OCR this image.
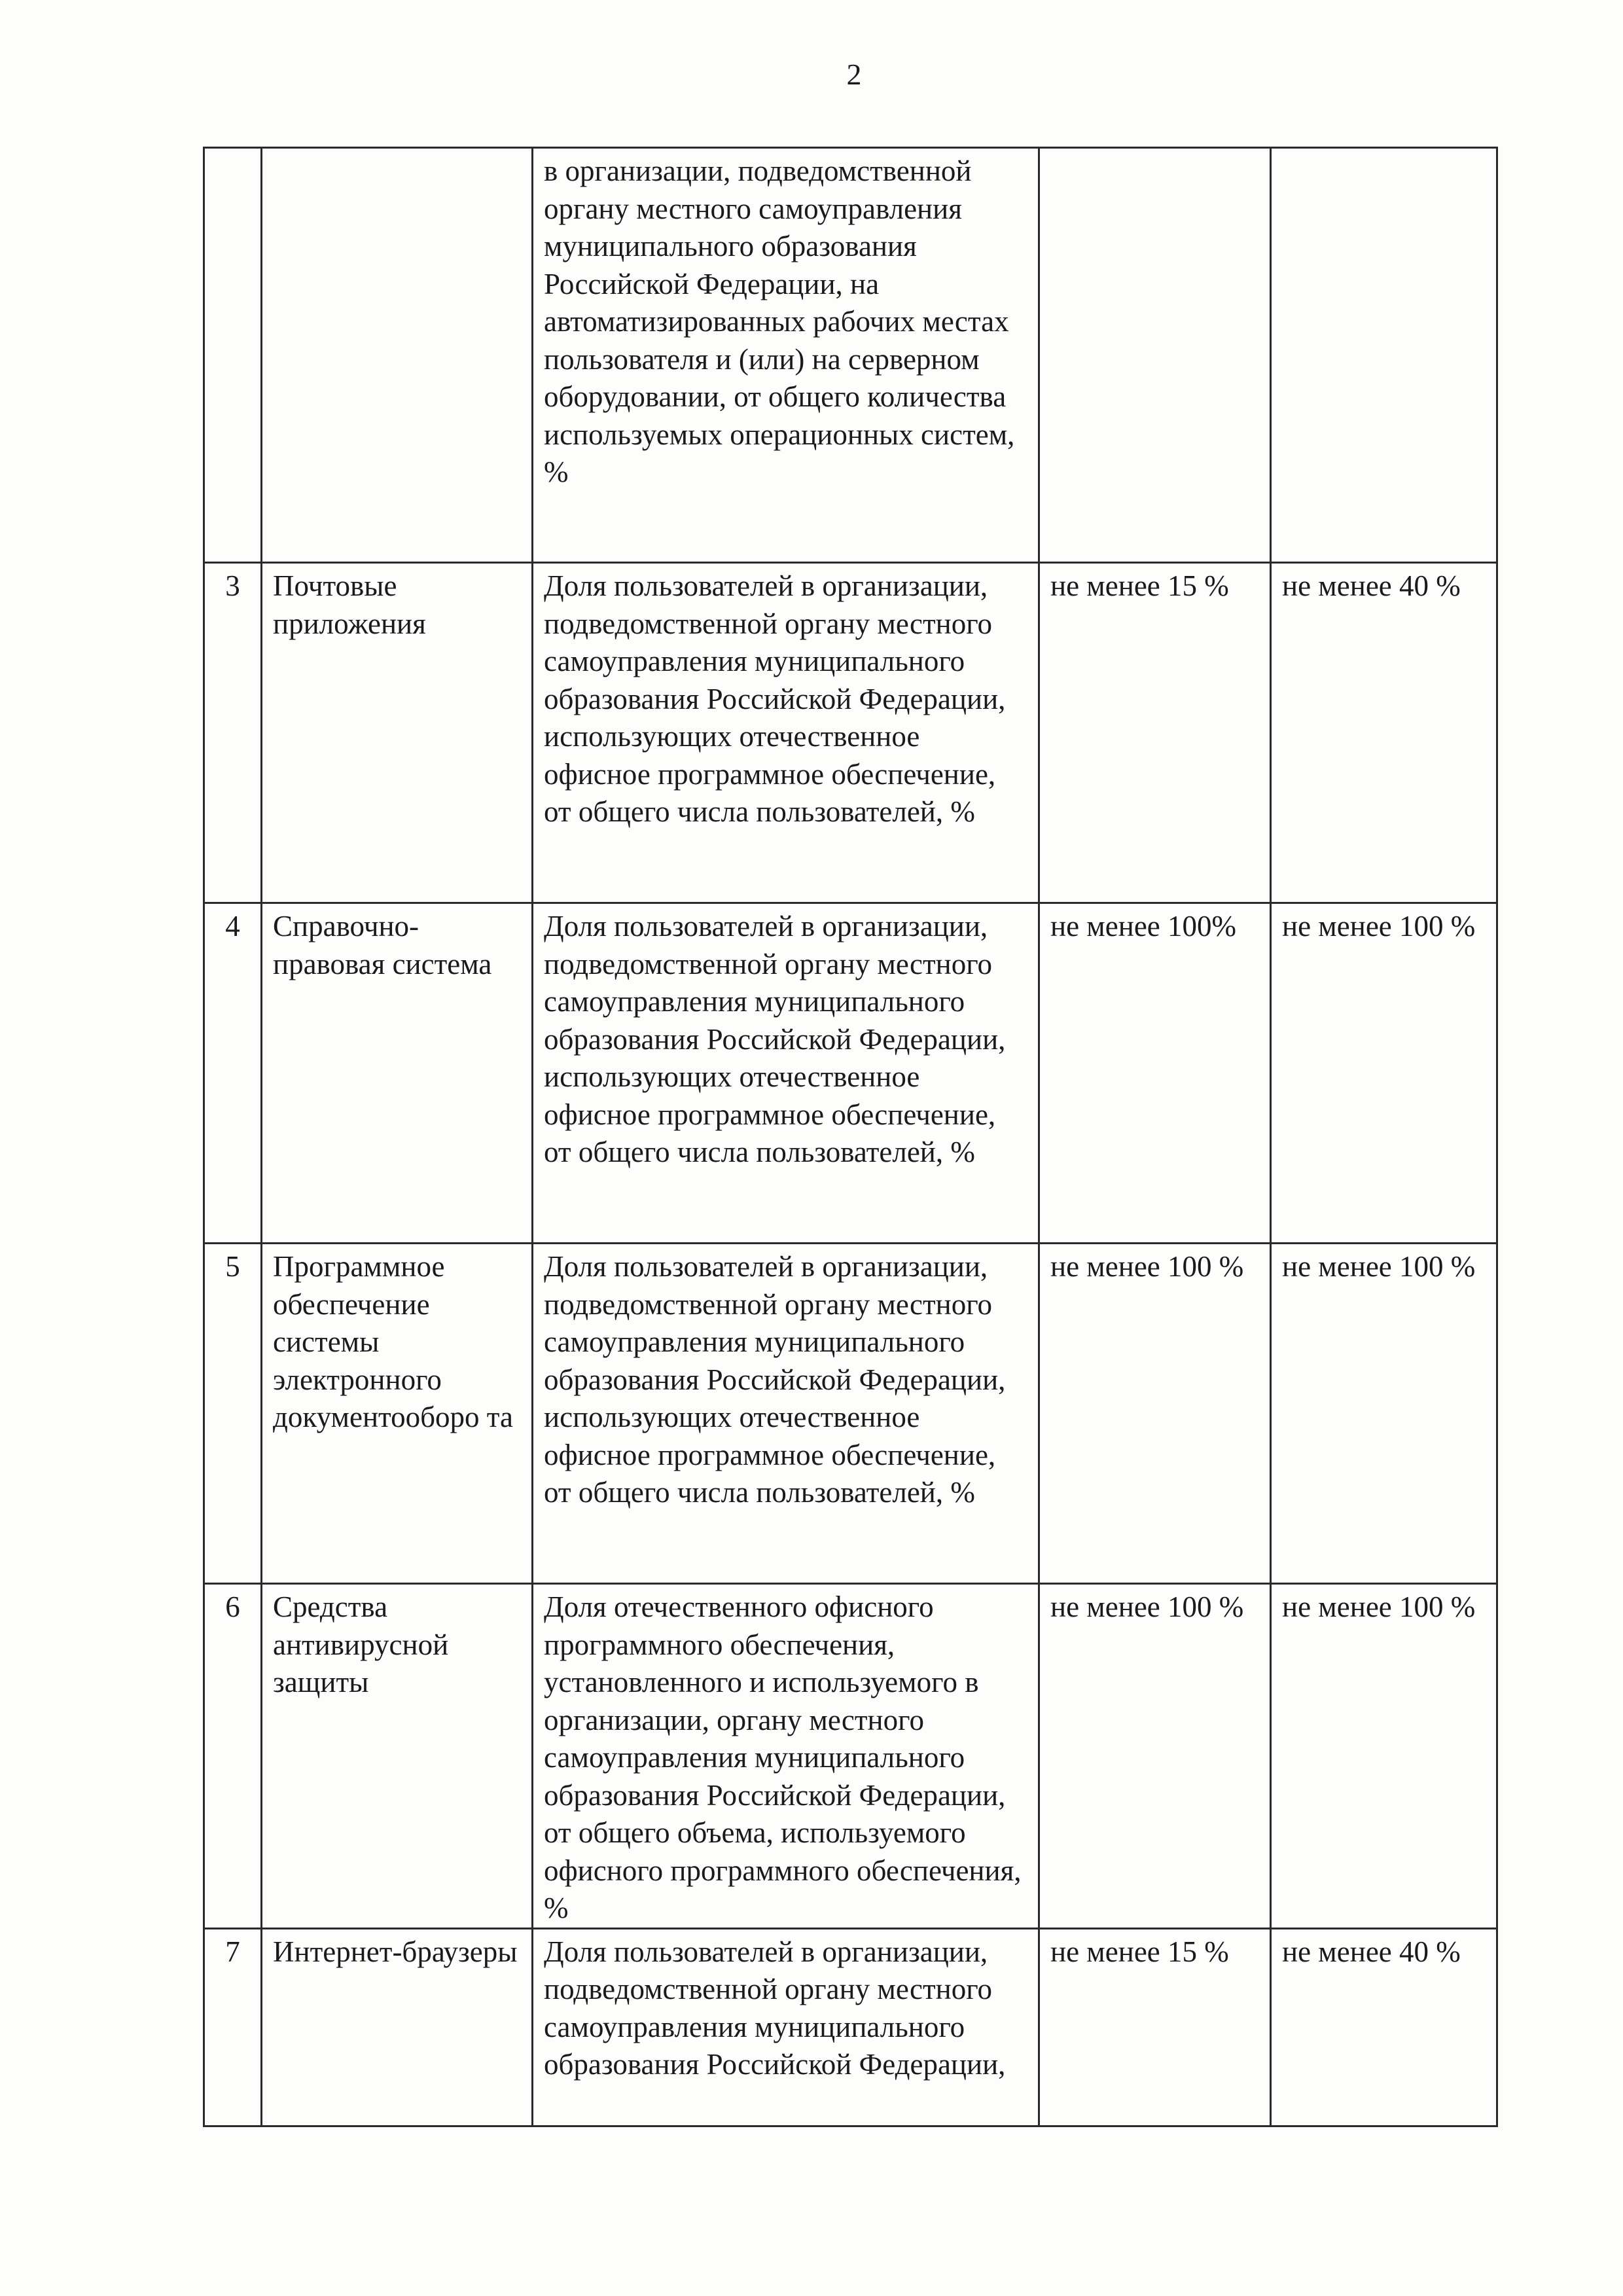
2

		в организации, подведомственной органу местного самоуправления муниципального образования Российской Федерации, на автоматизированных рабочих местах пользователя и (или) на серверном оборудовании, от общего количества используемых операционных систем, %		

3	Почтовые приложения	Доля пользователей в организации, подведомственной органу местного самоуправления муниципального образования Российской Федерации, использующих отечественное офисное программное обеспечение, от общего числа пользователей, %	не менее 15 %	не менее 40 %

4	Справочно-правовая система	Доля пользователей в организации, подведомственной органу местного самоуправления муниципального образования Российской Федерации, использующих отечественное офисное программное обеспечение, от общего числа пользователей, %	не менее 100%	не менее 100 %

5	Программное обеспечение системы электронного документооборо та	Доля пользователей в организации, подведомственной органу местного самоуправления муниципального образования Российской Федерации, использующих отечественное офисное программное обеспечение, от общего числа пользователей, %	не менее 100 %	не менее 100 %

6	Средства антивирусной защиты	Доля отечественного офисного программного обеспечения, установленного и используемого в организации, органу местного самоуправления муниципального образования Российской Федерации, от общего объема, используемого офисного программного обеспечения, %	не менее 100 %	не менее 100 %

7	Интернет-браузеры	Доля пользователей в организации, подведомственной органу местного самоуправления муниципального образования Российской Федерации,	не менее 15 %	не менее 40 %
